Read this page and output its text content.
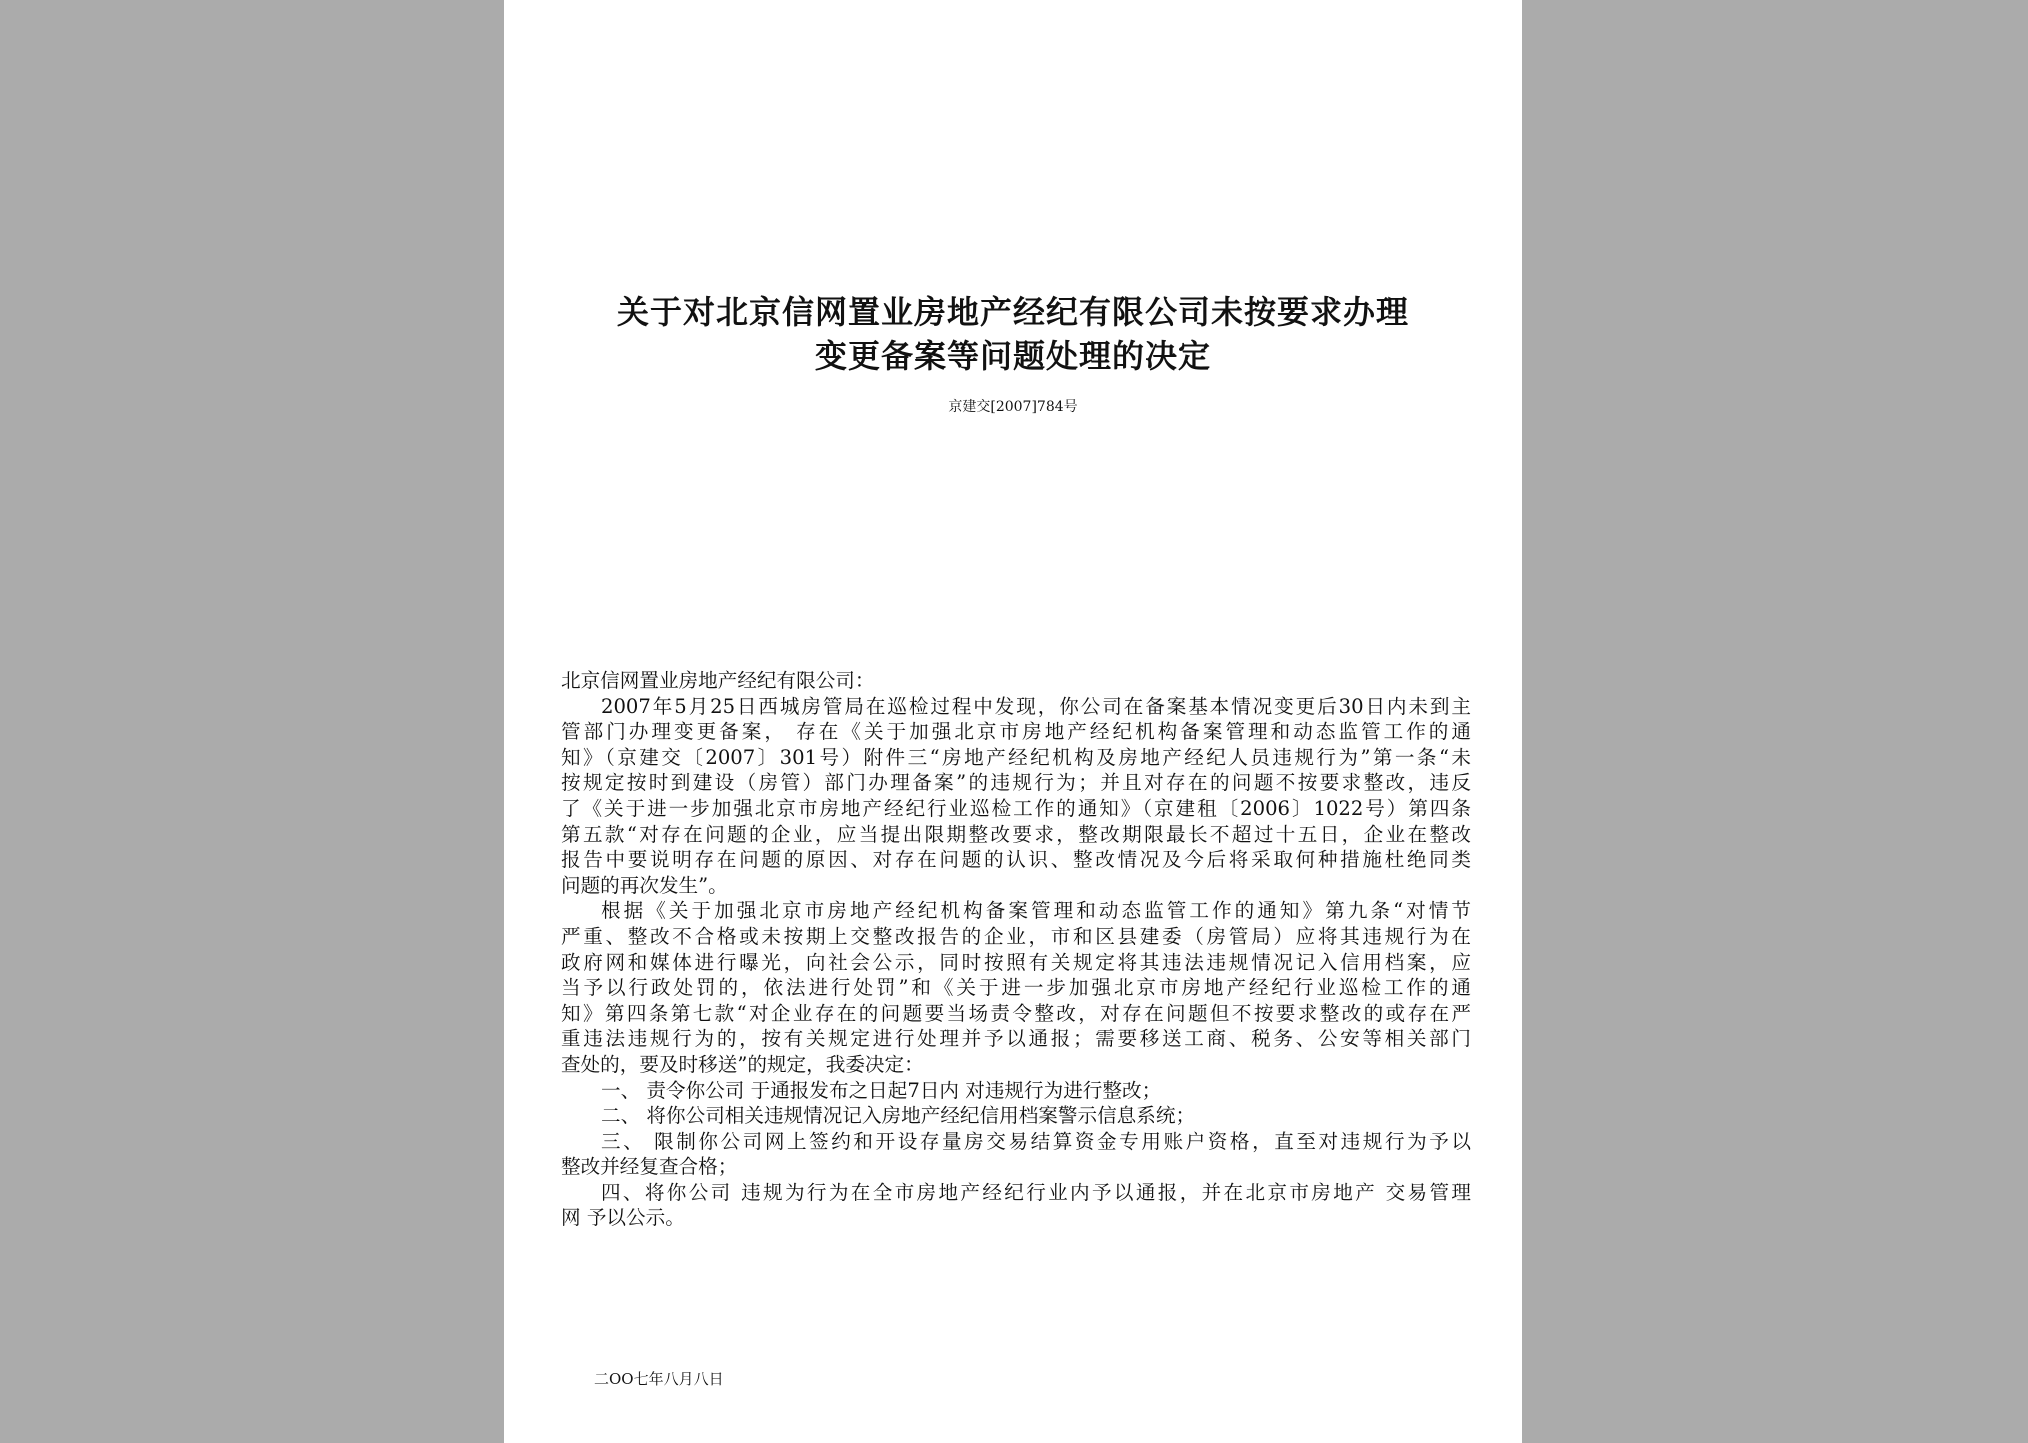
关于对北京信网置业房地产经纪有限公司未按要求办理
变更备案等问题处理的决定
京建交[2007]784号
北京信网置业房地产经纪有限公司：
2007年5月25日西城房管局在巡检过程中发现，你公司在备案基本情况变更后30日内未到主
管部门办理变更备案， 存在《关于加强北京市房地产经纪机构备案管理和动态监管工作的通
知》（京建交〔2007〕301号）附件三“房地产经纪机构及房地产经纪人员违规行为”第一条“未
按规定按时到建设（房管）部门办理备案”的违规行为；并且对存在的问题不按要求整改，违反
了《关于进一步加强北京市房地产经纪行业巡检工作的通知》（京建租〔2006〕1022号）第四条
第五款“对存在问题的企业，应当提出限期整改要求，整改期限最长不超过十五日，企业在整改
报告中要说明存在问题的原因、对存在问题的认识、整改情况及今后将采取何种措施杜绝同类
问题的再次发生”。
根据《关于加强北京市房地产经纪机构备案管理和动态监管工作的通知》第九条“对情节
严重、整改不合格或未按期上交整改报告的企业，市和区县建委（房管局）应将其违规行为在
政府网和媒体进行曝光，向社会公示，同时按照有关规定将其违法违规情况记入信用档案，应
当予以行政处罚的，依法进行处罚”和《关于进一步加强北京市房地产经纪行业巡检工作的通
知》第四条第七款“对企业存在的问题要当场责令整改，对存在问题但不按要求整改的或存在严
重违法违规行为的，按有关规定进行处理并予以通报；需要移送工商、税务、公安等相关部门
查处的，要及时移送”的规定，我委决定：
一、 责令你公司 于通报发布之日起7日内 对违规行为进行整改；
二、 将你公司相关违规情况记入房地产经纪信用档案警示信息系统；
三、 限制你公司网上签约和开设存量房交易结算资金专用账户资格，直至对违规行为予以
整改并经复查合格；
四、将你公司 违规为行为在全市房地产经纪行业内予以通报，并在北京市房地产 交易管理
网 予以公示。
二OO七年八月八日
